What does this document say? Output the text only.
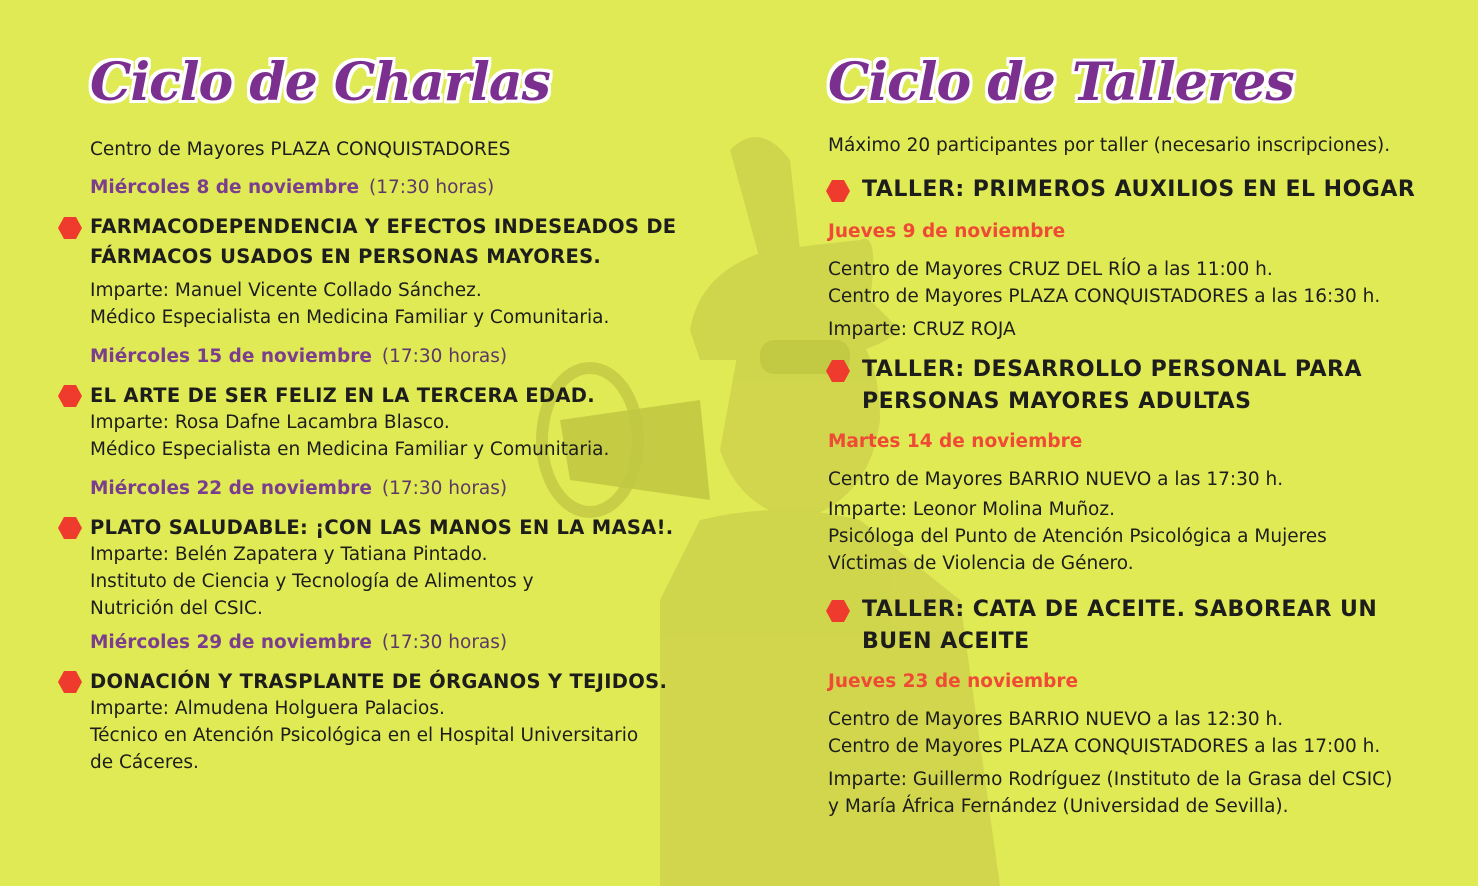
Ciclo de Charlas
Centro de Mayores PLAZA CONQUISTADORES
Miércoles 8 de noviembre (17:30 horas)
FARMACODEPENDENCIA Y EFECTOS INDESEADOS DE
FÁRMACOS USADOS EN PERSONAS MAYORES.
Imparte: Manuel Vicente Collado Sánchez.
Médico Especialista en Medicina Familiar y Comunitaria.
Miércoles 15 de noviembre (17:30 horas)
EL ARTE DE SER FELIZ EN LA TERCERA EDAD.
Imparte: Rosa Dafne Lacambra Blasco.
Médico Especialista en Medicina Familiar y Comunitaria.
Miércoles 22 de noviembre (17:30 horas)
PLATO SALUDABLE: ¡CON LAS MANOS EN LA MASA!.
Imparte: Belén Zapatera y Tatiana Pintado.
Instituto de Ciencia y Tecnología de Alimentos y
Nutrición del CSIC.
Miércoles 29 de noviembre (17:30 horas)
DONACIÓN Y TRASPLANTE DE ÓRGANOS Y TEJIDOS.
Imparte: Almudena Holguera Palacios.
Técnico en Atención Psicológica en el Hospital Universitario
de Cáceres.
Ciclo de Talleres
Máximo 20 participantes por taller (necesario inscripciones).
TALLER: PRIMEROS AUXILIOS EN EL HOGAR
Jueves 9 de noviembre
Centro de Mayores CRUZ DEL RÍO a las 11:00 h.
Centro de Mayores PLAZA CONQUISTADORES a las 16:30 h.
Imparte: CRUZ ROJA
TALLER: DESARROLLO PERSONAL PARA
PERSONAS MAYORES ADULTAS
Martes 14 de noviembre
Centro de Mayores BARRIO NUEVO a las 17:30 h.
Imparte: Leonor Molina Muñoz.
Psicóloga del Punto de Atención Psicológica a Mujeres
Víctimas de Violencia de Género.
TALLER: CATA DE ACEITE. SABOREAR UN
BUEN ACEITE
Jueves 23 de noviembre
Centro de Mayores BARRIO NUEVO a las 12:30 h.
Centro de Mayores PLAZA CONQUISTADORES a las 17:00 h.
Imparte: Guillermo Rodríguez (Instituto de la Grasa del CSIC)
y María África Fernández (Universidad de Sevilla).
